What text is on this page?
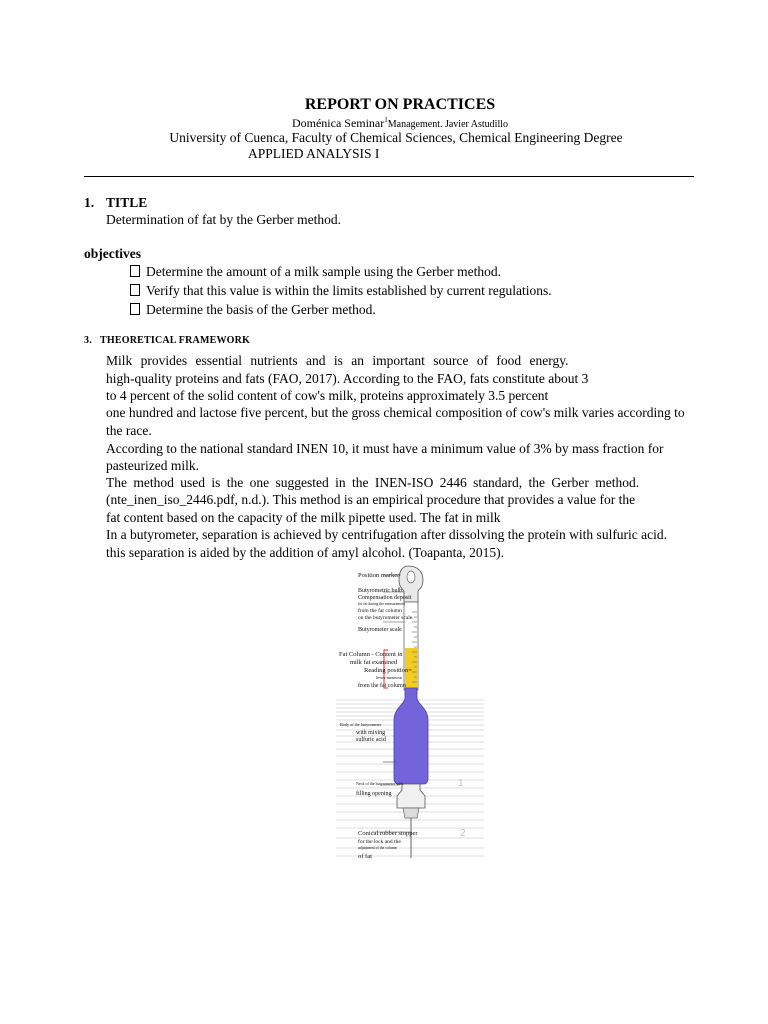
REPORT ON PRACTICES
Doménica Seminar$^1$Management. Javier Astudillo
University of Cuenca, Faculty of Chemical Sciences, Chemical Engineering Degree
APPLIED ANALYSIS I
1. TITLE
Determination of fat by the Gerber method.
objectives
Determine the amount of a milk sample using the Gerber method.
Verify that this value is within the limits established by current regulations.
Determine the basis of the Gerber method.
3. THEORETICAL FRAMEWORK
Milk provides essential nutrients and is an important source of food energy.
high-quality proteins and fats (FAO, 2017). According to the FAO, fats constitute about 3
to 4 percent of the solid content of cow's milk, proteins approximately 3.5 percent
one hundred and lactose five percent, but the gross chemical composition of cow's milk varies according to
the race.
According to the national standard INEN 10, it must have a minimum value of 3% by mass fraction for
pasteurized milk.
The method used is the one suggested in the INEN-ISO 2446 standard, the Gerber method.
(nte_inen_iso_2446.pdf, n.d.). This method is an empirical procedure that provides a value for the
fat content based on the capacity of the milk pipette used. The fat in milk
In a butyrometer, separation is achieved by centrifugation after dissolving the protein with sulfuric acid.
this separation is aided by the addition of amyl alcohol. (Toapanta, 2015).
1
2
Position marker
Butyrometric bulb.
Compensation deposit
for fat during the measurement
from the fat column
on the butyrometer scale.
Butyrometer scale
Fat Column - Content in
milk fat examined
Reading position=
lower meniscus
from the fat column
Body of the butyrometer
with mixing
sulfuric acid
Neck of the butyrometer with
filling opening
Conical rubber stopper
for the lock and the
adjustment of the column
of fat
